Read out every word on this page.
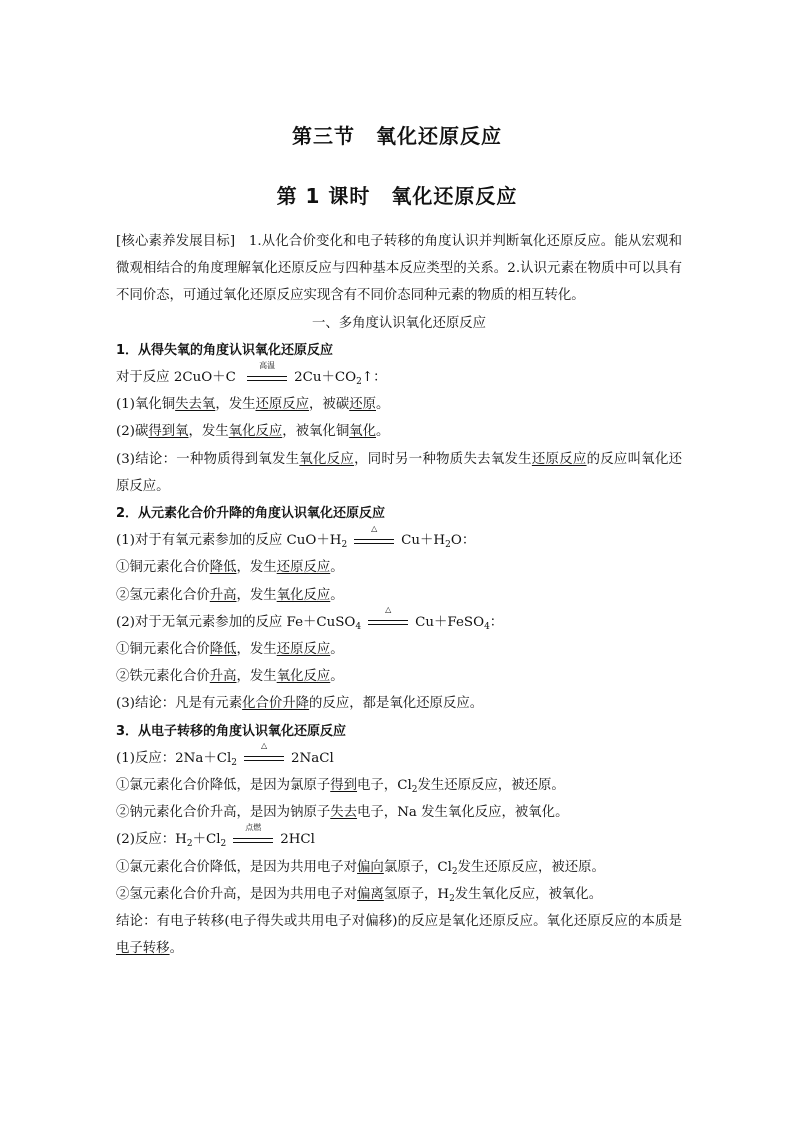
第三节　氧化还原反应
第 1 课时　氧化还原反应

[核心素养发展目标]　1.从化合价变化和电子转移的角度认识并判断氧化还原反应。能从宏观和微观相结合的角度理解氧化还原反应与四种基本反应类型的关系。2.认识元素在物质中可以具有不同价态，可通过氧化还原反应实现含有不同价态同种元素的物质的相互转化。

一、多角度认识氧化还原反应

1．从得失氧的角度认识氧化还原反应

对于反应 2CuO＋C
高温
$2Cu+CO_2↑$：

(1)氧化铜失去氧，发生还原反应，被碳还原。

(2)碳得到氧，发生氧化反应，被氧化铜氧化。

(3)结论：一种物质得到氧发生氧化反应，同时另一种物质失去氧发生还原反应的反应叫氧化还原反应。

2．从元素化合价升降的角度认识氧化还原反应

(1)对于有氧元素参加的反应 $CuO+H_2$
△
$Cu+H_2O$：

①铜元素化合价降低，发生还原反应。

②氢元素化合价升高，发生氧化反应。

(2)对于无氧元素参加的反应 Fe＋CuSO$_4$
△
Cu＋FeSO$_4$：

①铜元素化合价降低，发生还原反应。

②铁元素化合价升高，发生氧化反应。

(3)结论：凡是有元素化合价升降的反应，都是氧化还原反应。

3．从电子转移的角度认识氧化还原反应

(1)反应：$2Na+Cl_2$
△
2NaCl

①氯元素化合价降低，是因为氯原子得到电子，$Cl_2$发生还原反应，被还原。

②钠元素化合价升高，是因为钠原子失去电子，Na 发生氧化反应，被氧化。

(2)反应：$H_2+Cl_2$
点燃
2HCl

①氯元素化合价降低，是因为共用电子对偏向氯原子，$Cl_2$发生还原反应，被还原。

②氢元素化合价升高，是因为共用电子对偏离氢原子，$H_2$发生氧化反应，被氧化。

结论：有电子转移(电子得失或共用电子对偏移)的反应是氧化还原反应。氧化还原反应的本质是电子转移。
